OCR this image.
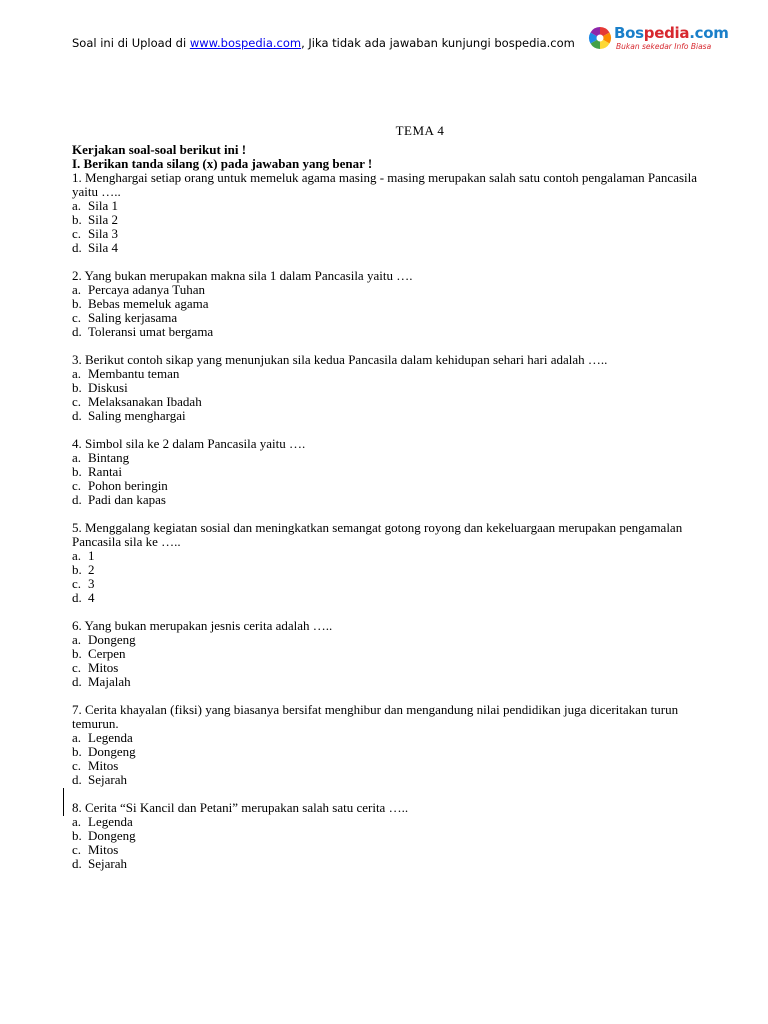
Soal ini di Upload di www.bospedia.com, Jika tidak ada jawaban kunjungi bospedia.com
Bospedia.com
Bukan sekedar Info Biasa

TEMA 4

Kerjakan soal-soal berikut ini !

I. Berikan tanda silang (x) pada jawaban yang benar !

1. Menghargai setiap orang untuk memeluk agama masing - masing merupakan salah satu contoh pengalaman Pancasila yaitu …..

a. Sila 1

b. Sila 2

c. Sila 3

d. Sila 4

2. Yang bukan merupakan makna sila 1 dalam Pancasila yaitu ….

a. Percaya adanya Tuhan

b. Bebas memeluk agama

c. Saling kerjasama

d. Toleransi umat bergama

3. Berikut contoh sikap yang menunjukan sila kedua Pancasila dalam kehidupan sehari hari adalah …..

a. Membantu teman

b. Diskusi

c. Melaksanakan Ibadah

d. Saling menghargai

4. Simbol sila ke 2 dalam Pancasila yaitu ….

a. Bintang

b. Rantai

c. Pohon beringin

d. Padi dan kapas

5. Menggalang kegiatan sosial dan meningkatkan semangat gotong royong dan kekeluargaan merupakan pengamalan Pancasila sila ke …..

a. 1

b. 2

c. 3

d. 4

6. Yang bukan merupakan jesnis cerita adalah …..

a. Dongeng

b. Cerpen

c. Mitos

d. Majalah

7. Cerita khayalan (fiksi) yang biasanya bersifat menghibur dan mengandung nilai pendidikan juga diceritakan turun temurun.

a. Legenda

b. Dongeng

c. Mitos

d. Sejarah

8. Cerita “Si Kancil dan Petani” merupakan salah satu cerita …..

a. Legenda

b. Dongeng

c. Mitos

d. Sejarah
